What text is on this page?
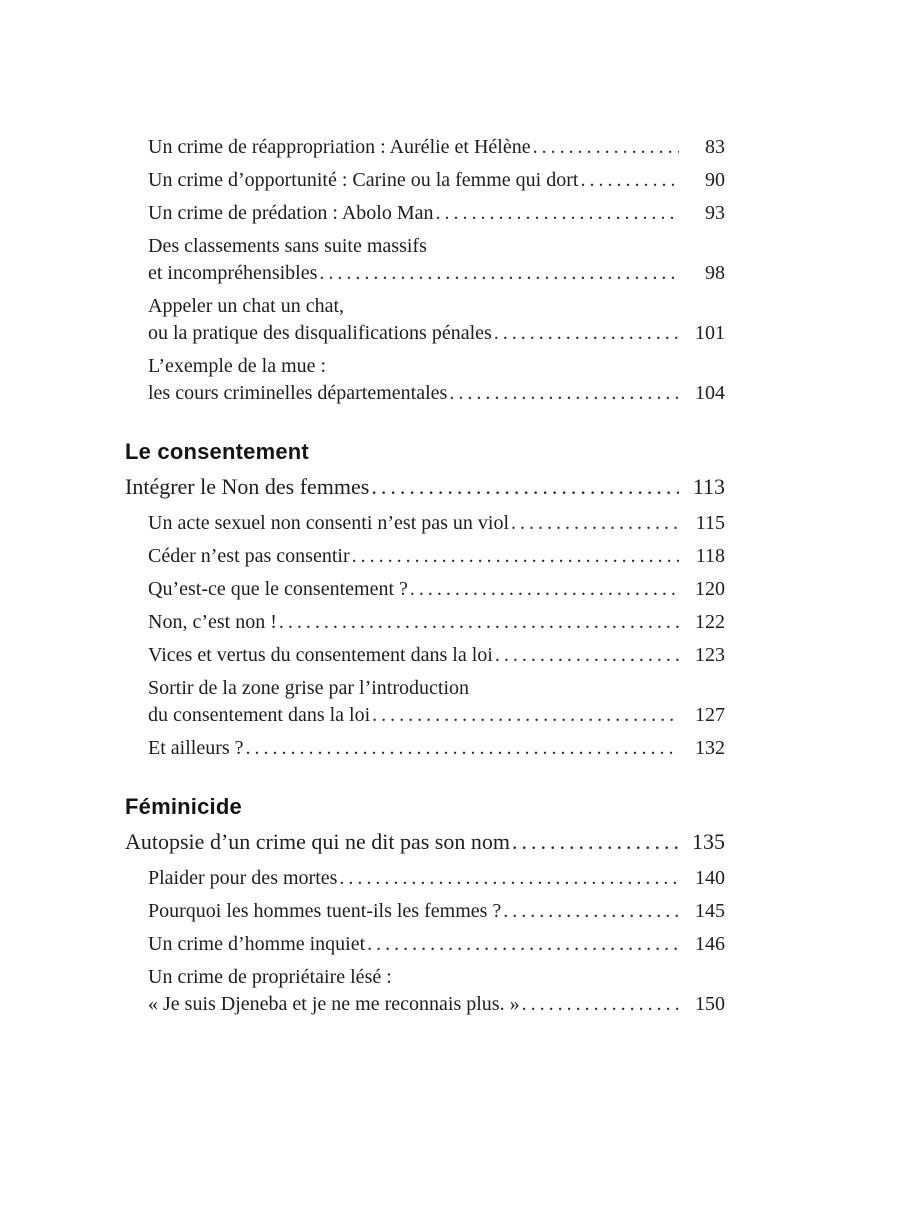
Un crime de réappropriation : Aurélie et Hélène .....	83
Un crime d’opportunité : Carine ou la femme qui dort .....	90
Un crime de prédation : Abolo Man .....	93
Des classements sans suite massifs
et incompréhensibles .....	98
Appeler un chat un chat,
ou la pratique des disqualifications pénales .....	101
L’exemple de la mue :
les cours criminelles départementales .....	104
Le consentement
Intégrer le Non des femmes .....	113
Un acte sexuel non consenti n’est pas un viol .....	115
Céder n’est pas consentir .....	118
Qu’est-ce que le consentement ? .....	120
Non, c’est non ! .....	122
Vices et vertus du consentement dans la loi .....	123
Sortir de la zone grise par l’introduction
du consentement dans la loi .....	127
Et ailleurs ? .....	132
Féminicide
Autopsie d’un crime qui ne dit pas son nom .....	135
Plaider pour des mortes .....	140
Pourquoi les hommes tuent-ils les femmes ? .....	145
Un crime d’homme inquiet .....	146
Un crime de propriétaire lésé :
« Je suis Djeneba et je ne me reconnais plus. » .....	150
